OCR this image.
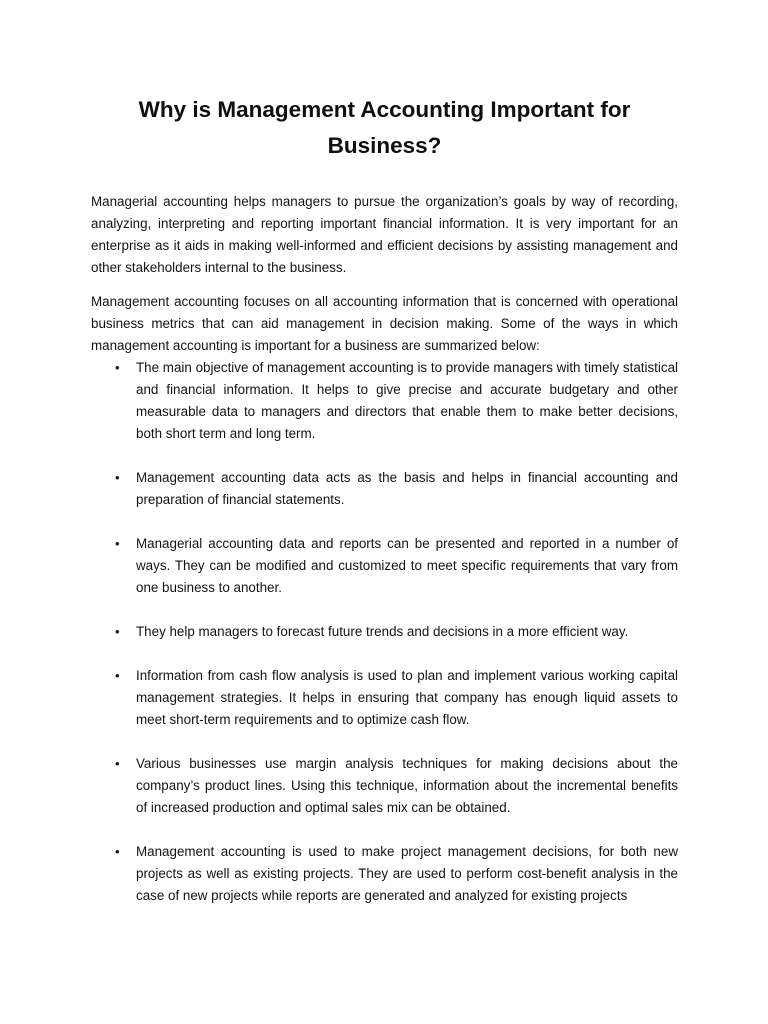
Why is Management Accounting Important for Business?

Managerial accounting helps managers to pursue the organization’s goals by way of recording, analyzing, interpreting and reporting important financial information. It is very important for an enterprise as it aids in making well-informed and efficient decisions by assisting management and other stakeholders internal to the business.

Management accounting focuses on all accounting information that is concerned with operational business metrics that can aid management in decision making. Some of the ways in which management accounting is important for a business are summarized below:

• The main objective of management accounting is to provide managers with timely statistical and financial information. It helps to give precise and accurate budgetary and other measurable data to managers and directors that enable them to make better decisions, both short term and long term.
• Management accounting data acts as the basis and helps in financial accounting and preparation of financial statements.
• Managerial accounting data and reports can be presented and reported in a number of ways. They can be modified and customized to meet specific requirements that vary from one business to another.
• They help managers to forecast future trends and decisions in a more efficient way.
• Information from cash flow analysis is used to plan and implement various working capital management strategies. It helps in ensuring that company has enough liquid assets to meet short-term requirements and to optimize cash flow.
• Various businesses use margin analysis techniques for making decisions about the company’s product lines. Using this technique, information about the incremental benefits of increased production and optimal sales mix can be obtained.
• Management accounting is used to make project management decisions, for both new projects as well as existing projects. They are used to perform cost-benefit analysis in the case of new projects while reports are generated and analyzed for existing projects
